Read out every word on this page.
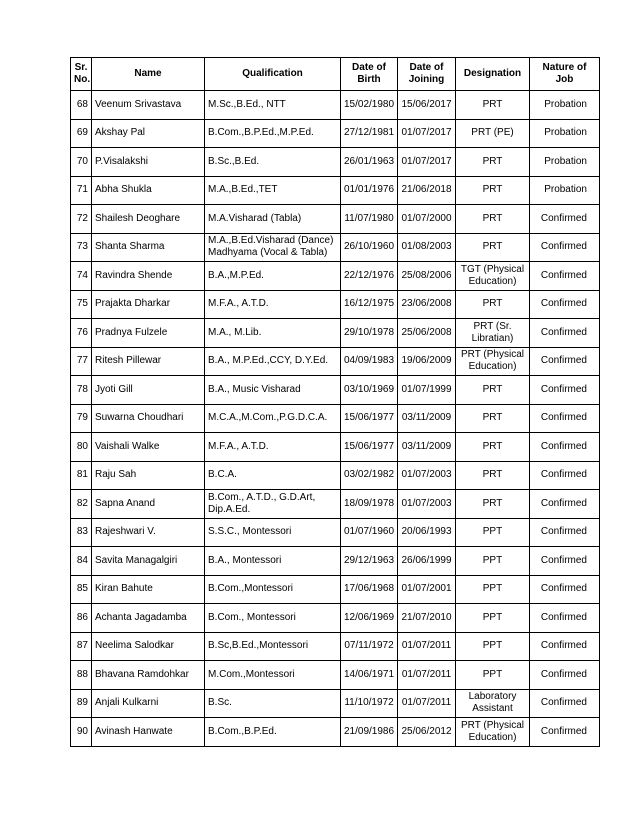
Sr. No.	Name	Qualification	Date of Birth	Date of Joining	Designation	Nature of Job
68	Veenum Srivastava	M.Sc.,B.Ed., NTT	15/02/1980	15/06/2017	PRT	Probation
69	Akshay Pal	B.Com.,B.P.Ed.,M.P.Ed.	27/12/1981	01/07/2017	PRT (PE)	Probation
70	P.Visalakshi	B.Sc.,B.Ed.	26/01/1963	01/07/2017	PRT	Probation
71	Abha Shukla	M.A.,B.Ed.,TET	01/01/1976	21/06/2018	PRT	Probation
72	Shailesh Deoghare	M.A.Visharad (Tabla)	11/07/1980	01/07/2000	PRT	Confirmed
73	Shanta Sharma	M.A.,B.Ed.Visharad (Dance) Madhyama (Vocal & Tabla)	26/10/1960	01/08/2003	PRT	Confirmed
74	Ravindra Shende	B.A.,M.P.Ed.	22/12/1976	25/08/2006	TGT (Physical Education)	Confirmed
75	Prajakta Dharkar	M.F.A., A.T.D.	16/12/1975	23/06/2008	PRT	Confirmed
76	Pradnya Fulzele	M.A., M.Lib.	29/10/1978	25/06/2008	PRT (Sr. Libratian)	Confirmed
77	Ritesh Pillewar	B.A., M.P.Ed.,CCY, D.Y.Ed.	04/09/1983	19/06/2009	PRT (Physical Education)	Confirmed
78	Jyoti Gill	B.A., Music Visharad	03/10/1969	01/07/1999	PRT	Confirmed
79	Suwarna Choudhari	M.C.A.,M.Com.,P.G.D.C.A.	15/06/1977	03/11/2009	PRT	Confirmed
80	Vaishali Walke	M.F.A., A.T.D.	15/06/1977	03/11/2009	PRT	Confirmed
81	Raju Sah	B.C.A.	03/02/1982	01/07/2003	PRT	Confirmed
82	Sapna Anand	B.Com., A.T.D., G.D.Art, Dip.A.Ed.	18/09/1978	01/07/2003	PRT	Confirmed
83	Rajeshwari V.	S.S.C., Montessori	01/07/1960	20/06/1993	PPT	Confirmed
84	Savita Managalgiri	B.A., Montessori	29/12/1963	26/06/1999	PPT	Confirmed
85	Kiran Bahute	B.Com.,Montessori	17/06/1968	01/07/2001	PPT	Confirmed
86	Achanta Jagadamba	B.Com., Montessori	12/06/1969	21/07/2010	PPT	Confirmed
87	Neelima Salodkar	B.Sc,B.Ed.,Montessori	07/11/1972	01/07/2011	PPT	Confirmed
88	Bhavana Ramdohkar	M.Com.,Montessori	14/06/1971	01/07/2011	PPT	Confirmed
89	Anjali Kulkarni	B.Sc.	11/10/1972	01/07/2011	Laboratory Assistant	Confirmed
90	Avinash Hanwate	B.Com.,B.P.Ed.	21/09/1986	25/06/2012	PRT (Physical Education)	Confirmed
